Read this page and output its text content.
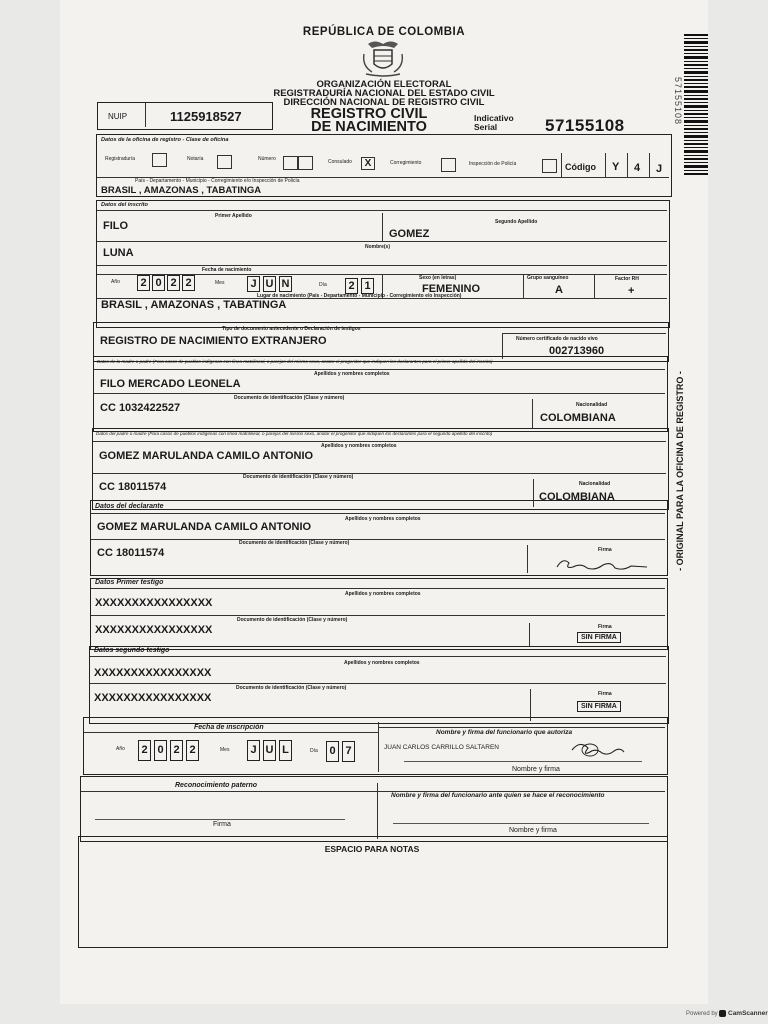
REPÚBLICA DE COLOMBIA
ORGANIZACIÓN ELECTORAL
REGISTRADURÍA NACIONAL DEL ESTADO CIVIL
DIRECCIÓN NACIONAL DE REGISTRO CIVIL
NUIP	1125918527	REGISTRO CIVIL
DE NACIMIENTO
Indicativo
Serial	57155108
Datos de la oficina de registro - Clase de oficina
Registraduría	Notaría	Número	Consulado	X	Corregimiento	Inspección de Policía	Código Y 4 J
País - Departamento - Municipio - Corregimiento e/o Inspección de Policía
BRASIL , AMAZONAS , TABATINGA
Datos del inscrito
Primer Apellido
FILO	Segundo Apellido
GOMEZ
Nombre(s)
LUNA
Fecha de nacimiento
Año	2 0 2 2	Mes	J U N	Día	2 1
Sexo (en letras)
FEMENINO
Grupo sanguíneo
A
Factor RH
+
Lugar de nacimiento (País - Departamento - Municipio - Corregimiento e/o Inspección)
BRASIL , AMAZONAS , TABATINGA
Tipo de documento antecedente o Declaración de testigos
REGISTRO DE NACIMIENTO EXTRANJERO	Número certificado de nacido vivo
002713960
Datos de la madre o padre (Para casos de pueblos indígenas con línea matrilineal, o parejas del mismo sexo, anotar el progenitor que indiquen los declarantes para el primer apellido del inscrito)
Apellidos y nombres completos
FILO MERCADO LEONELA
Documento de identificación (Clase y número)
CC 1032422527	Nacionalidad
COLOMBIANA
Datos del padre o madre (Para casos de pueblos indígenas con línea matrilineal, o parejas del mismo sexo, anotar el progenitor que indiquen los declarantes para el segundo apellido del inscrito)
Apellidos y nombres completos
GOMEZ MARULANDA CAMILO ANTONIO
Documento de identificación (Clase y número)
CC 18011574	Nacionalidad
COLOMBIANA
Datos del declarante
Apellidos y nombres completos
GOMEZ MARULANDA CAMILO ANTONIO
Documento de identificación (Clase y número)
CC 18011574	Firma
Datos Primer testigo
Apellidos y nombres completos
XXXXXXXXXXXXXXXX
Documento de identificación (Clase y número)
XXXXXXXXXXXXXXXX	Firma
SIN FIRMA
Datos segundo testigo
Apellidos y nombres completos
XXXXXXXXXXXXXXXX
Documento de identificación (Clase y número)
XXXXXXXXXXXXXXXX	Firma
SIN FIRMA
Fecha de inscripción
Año	2 0 2 2	Mes	J U L	Día	0 7
Nombre y firma del funcionario que autoriza
JUAN CARLOS CARRILLO SALTAREN
Nombre y firma
Reconocimiento paterno
Firma
Nombre y firma del funcionario ante quien se hace el reconocimiento
Nombre y firma
ESPACIO PARA NOTAS
57155108
- ORIGINAL PARA LA OFICINA DE REGISTRO -
Powered by CamScanner
